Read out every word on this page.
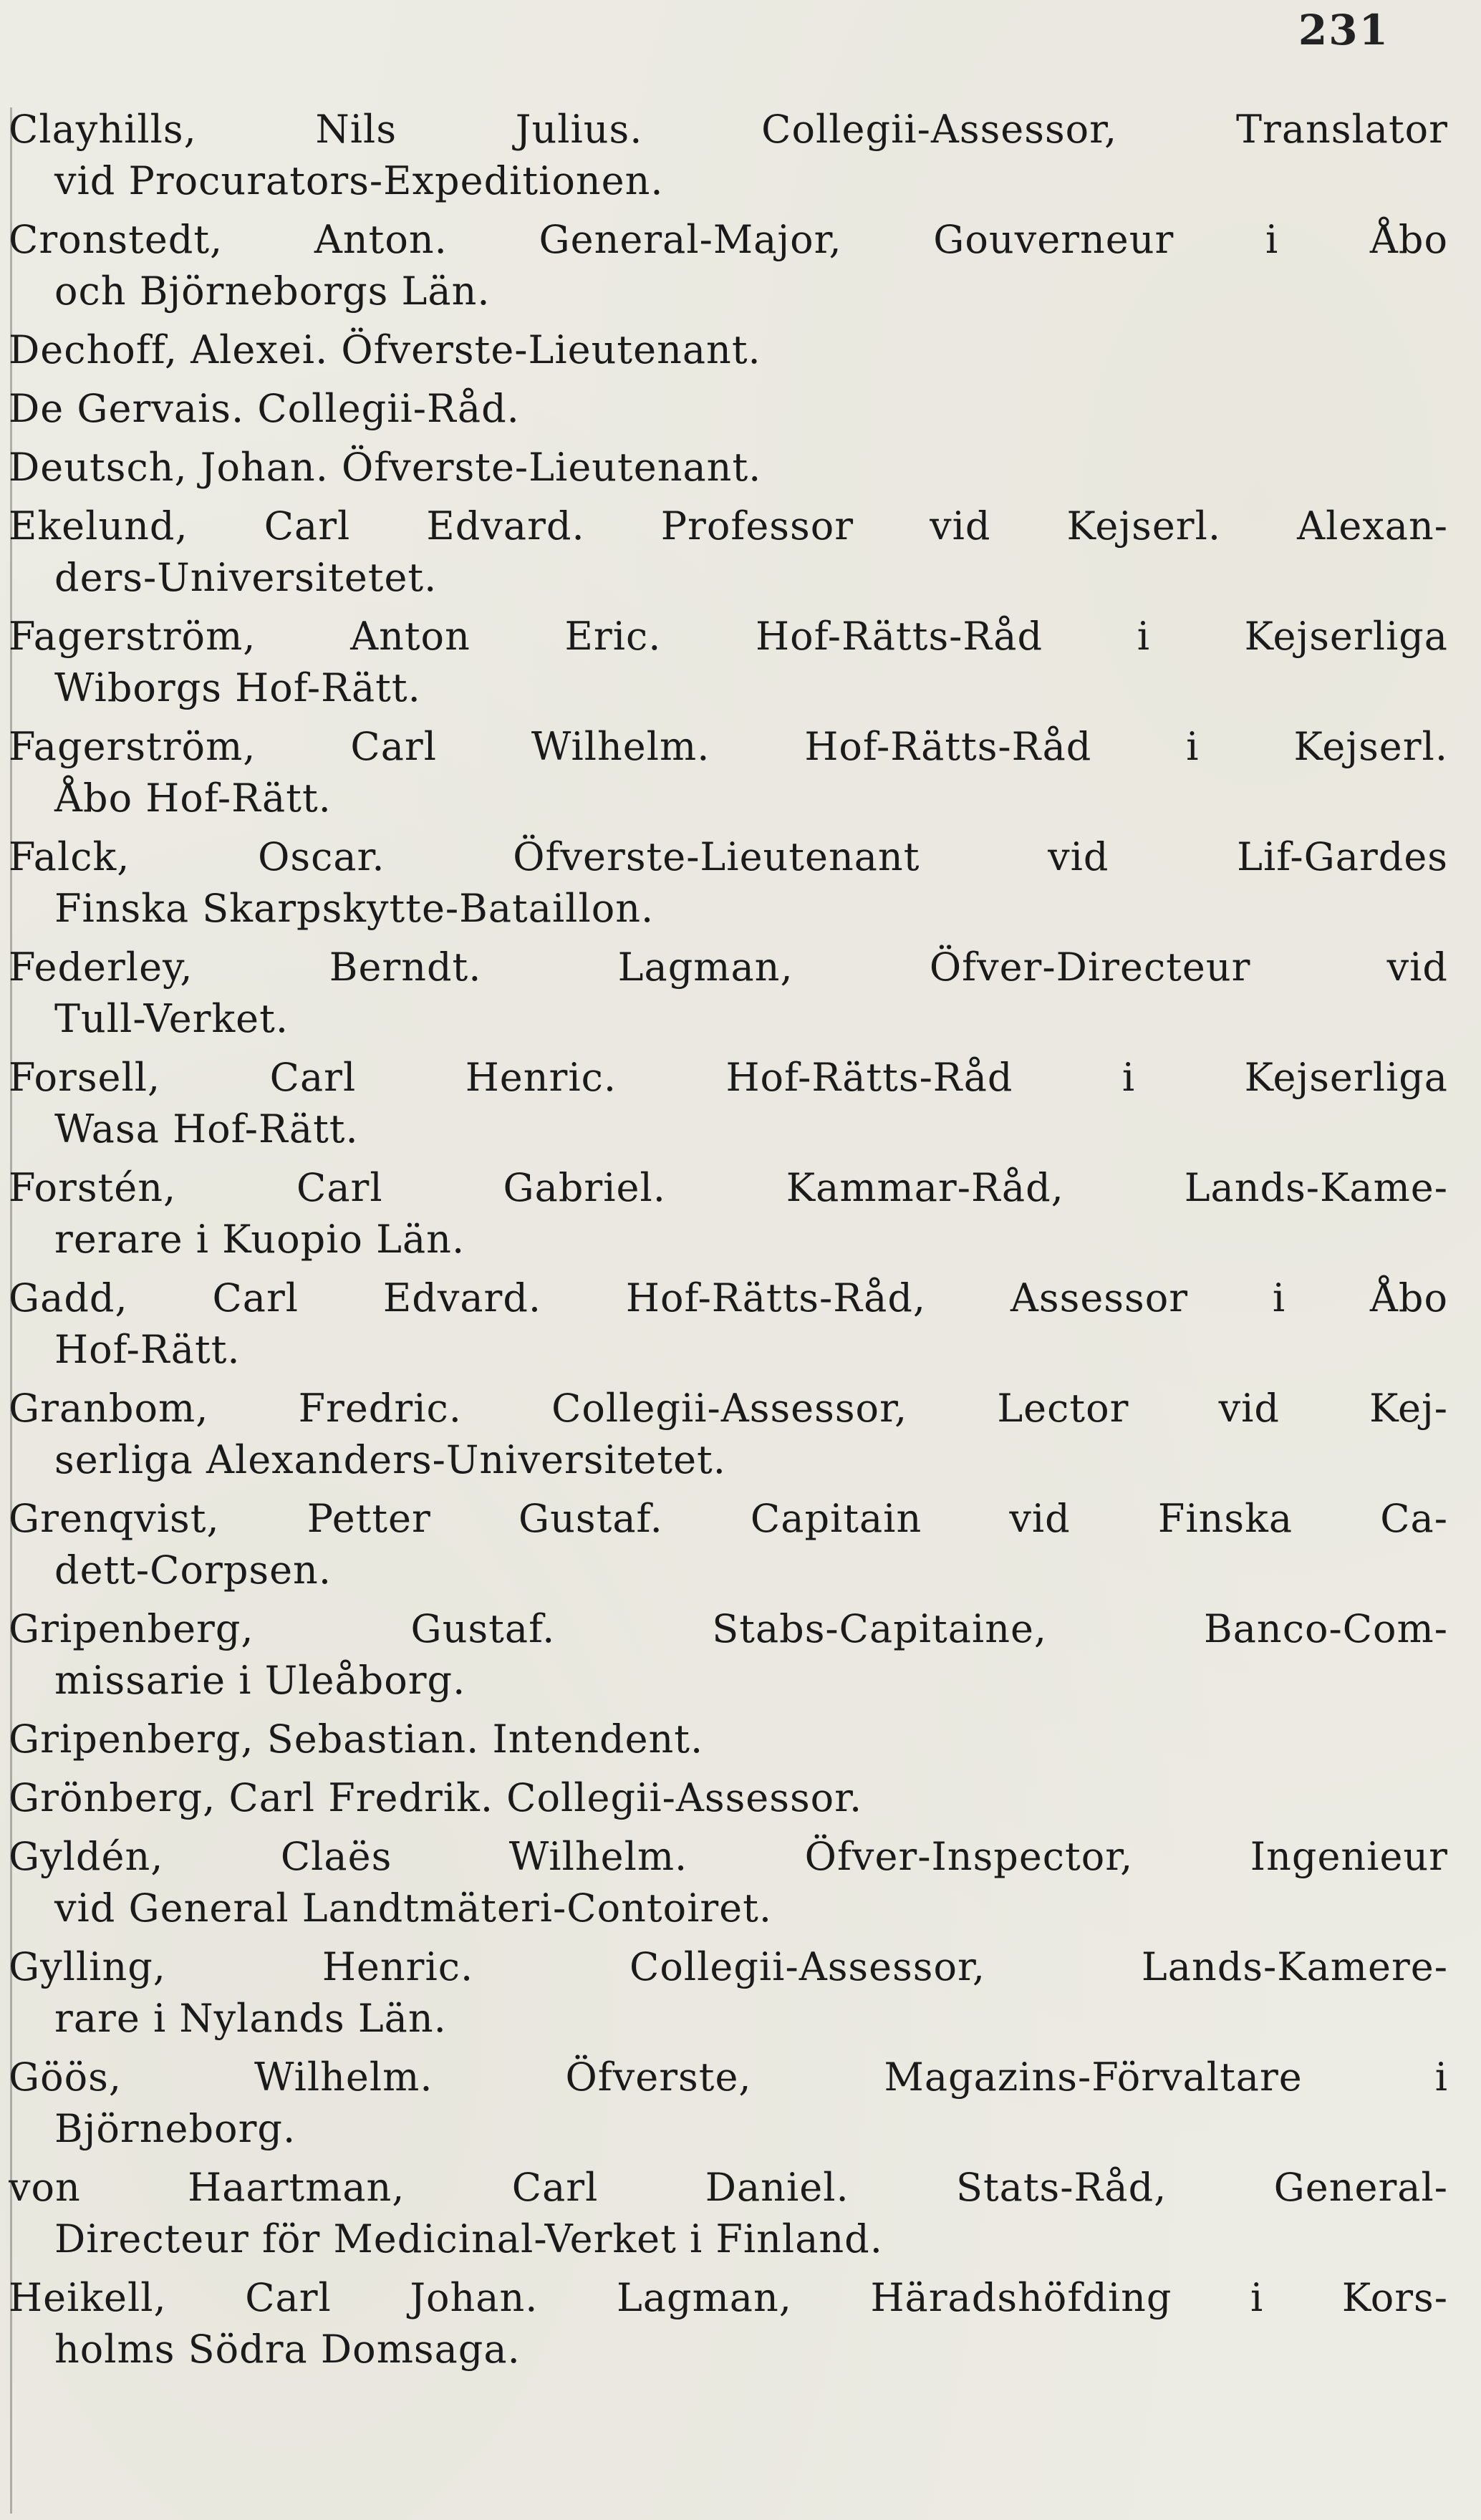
231
Clayhills, Nils Julius. Collegii-Assessor, Translator
vid Procurators-Expeditionen.
Cronstedt, Anton. General-Major, Gouverneur i Åbo
och Björneborgs Län.
Dechoff, Alexei. Öfverste-Lieutenant.
De Gervais. Collegii-Råd.
Deutsch, Johan. Öfverste-Lieutenant.
Ekelund, Carl Edvard. Professor vid Kejserl. Alexan-
ders-Universitetet.
Fagerström, Anton Eric. Hof-Rätts-Råd i Kejserliga
Wiborgs Hof-Rätt.
Fagerström, Carl Wilhelm. Hof-Rätts-Råd i Kejserl.
Åbo Hof-Rätt.
Falck, Oscar. Öfverste-Lieutenant vid Lif-Gardes
Finska Skarpskytte-Bataillon.
Federley, Berndt. Lagman, Öfver-Directeur vid
Tull-Verket.
Forsell, Carl Henric. Hof-Rätts-Råd i Kejserliga
Wasa Hof-Rätt.
Forstén, Carl Gabriel. Kammar-Råd, Lands-Kame-
rerare i Kuopio Län.
Gadd, Carl Edvard. Hof-Rätts-Råd, Assessor i Åbo
Hof-Rätt.
Granbom, Fredric. Collegii-Assessor, Lector vid Kej-
serliga Alexanders-Universitetet.
Grenqvist, Petter Gustaf. Capitain vid Finska Ca-
dett-Corpsen.
Gripenberg, Gustaf. Stabs-Capitaine, Banco-Com-
missarie i Uleåborg.
Gripenberg, Sebastian. Intendent.
Grönberg, Carl Fredrik. Collegii-Assessor.
Gyldén, Claës Wilhelm. Öfver-Inspector, Ingenieur
vid General Landtmäteri-Contoiret.
Gylling, Henric. Collegii-Assessor, Lands-Kamere-
rare i Nylands Län.
Göös, Wilhelm. Öfverste, Magazins-Förvaltare i
Björneborg.
von Haartman, Carl Daniel. Stats-Råd, General-
Directeur för Medicinal-Verket i Finland.
Heikell, Carl Johan. Lagman, Häradshöfding i Kors-
holms Södra Domsaga.
